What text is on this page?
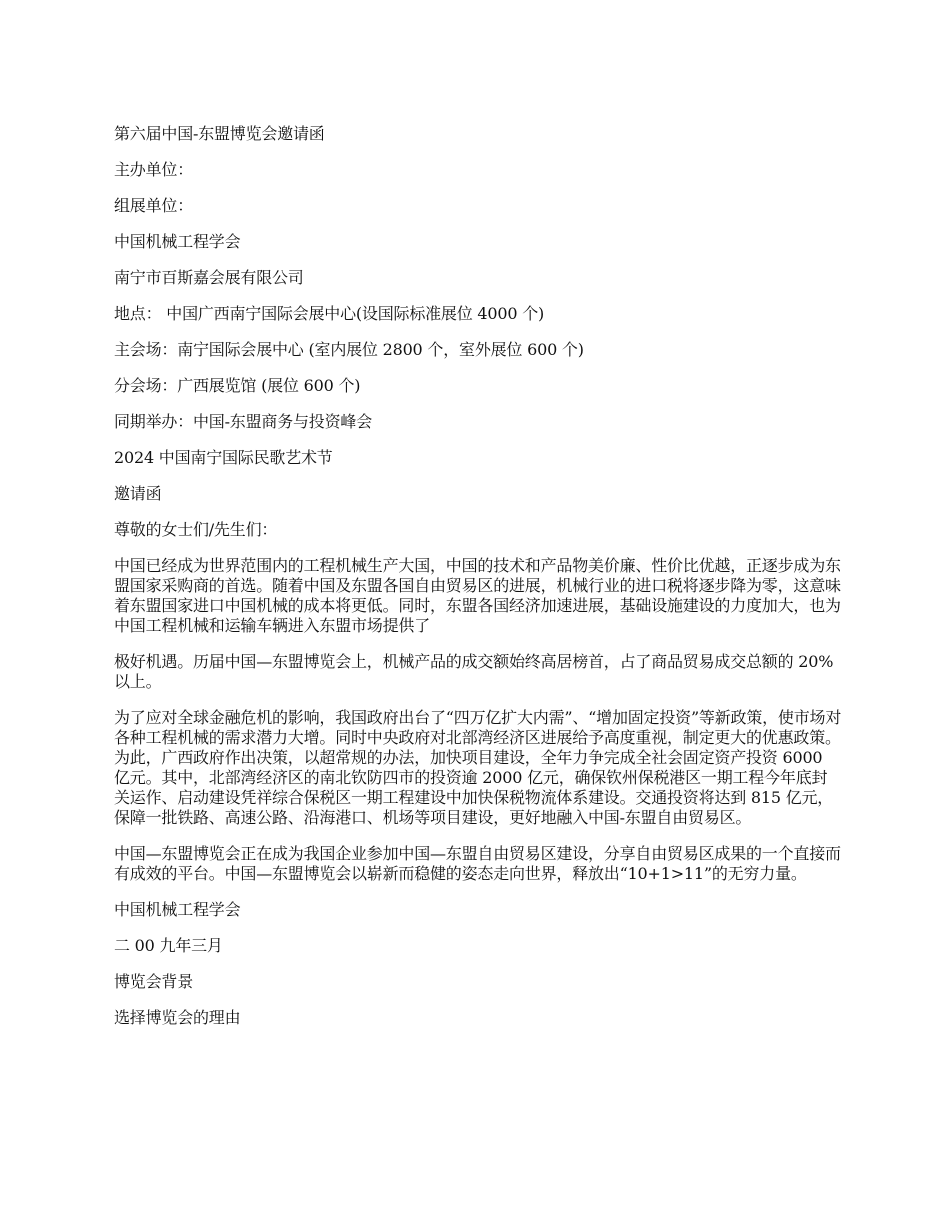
第六届中国-东盟博览会邀请函

主办单位：

组展单位：

中国机械工程学会

南宁市百斯嘉会展有限公司

地点： 中国广西南宁国际会展中心(设国际标准展位 4000 个)

主会场：南宁国际会展中心 (室内展位 2800 个，室外展位 600 个)

分会场：广西展览馆 (展位 600 个)

同期举办：中国-东盟商务与投资峰会

2024 中国南宁国际民歌艺术节

邀请函

尊敬的女士们/先生们：

中国已经成为世界范围内的工程机械生产大国，中国的技术和产品物美价廉、性价比优越，正逐步成为东盟国家采购商的首选。随着中国及东盟各国自由贸易区的进展，机械行业的进口税将逐步降为零，这意味着东盟国家进口中国机械的成本将更低。同时，东盟各国经济加速进展，基础设施建设的力度加大，也为中国工程机械和运输车辆进入东盟市场提供了

极好机遇。历届中国—东盟博览会上，机械产品的成交额始终高居榜首，占了商品贸易成交总额的 20%以上。

为了应对全球金融危机的影响，我国政府出台了“四万亿扩大内需”、“增加固定投资”等新政策，使市场对各种工程机械的需求潜力大增。同时中央政府对北部湾经济区进展给予高度重视，制定更大的优惠政策。为此，广西政府作出决策，以超常规的办法，加快项目建设，全年力争完成全社会固定资产投资 6000 亿元。其中，北部湾经济区的南北钦防四市的投资逾 2000 亿元，确保钦州保税港区一期工程今年底封关运作、启动建设凭祥综合保税区一期工程建设中加快保税物流体系建设。交通投资将达到 815 亿元，保障一批铁路、高速公路、沿海港口、机场等项目建设，更好地融入中国-东盟自由贸易区。

中国—东盟博览会正在成为我国企业参加中国—东盟自由贸易区建设，分享自由贸易区成果的一个直接而有成效的平台。中国—东盟博览会以崭新而稳健的姿态走向世界，释放出“10+1>11”的无穷力量。

中国机械工程学会

二 00 九年三月

博览会背景

选择博览会的理由
